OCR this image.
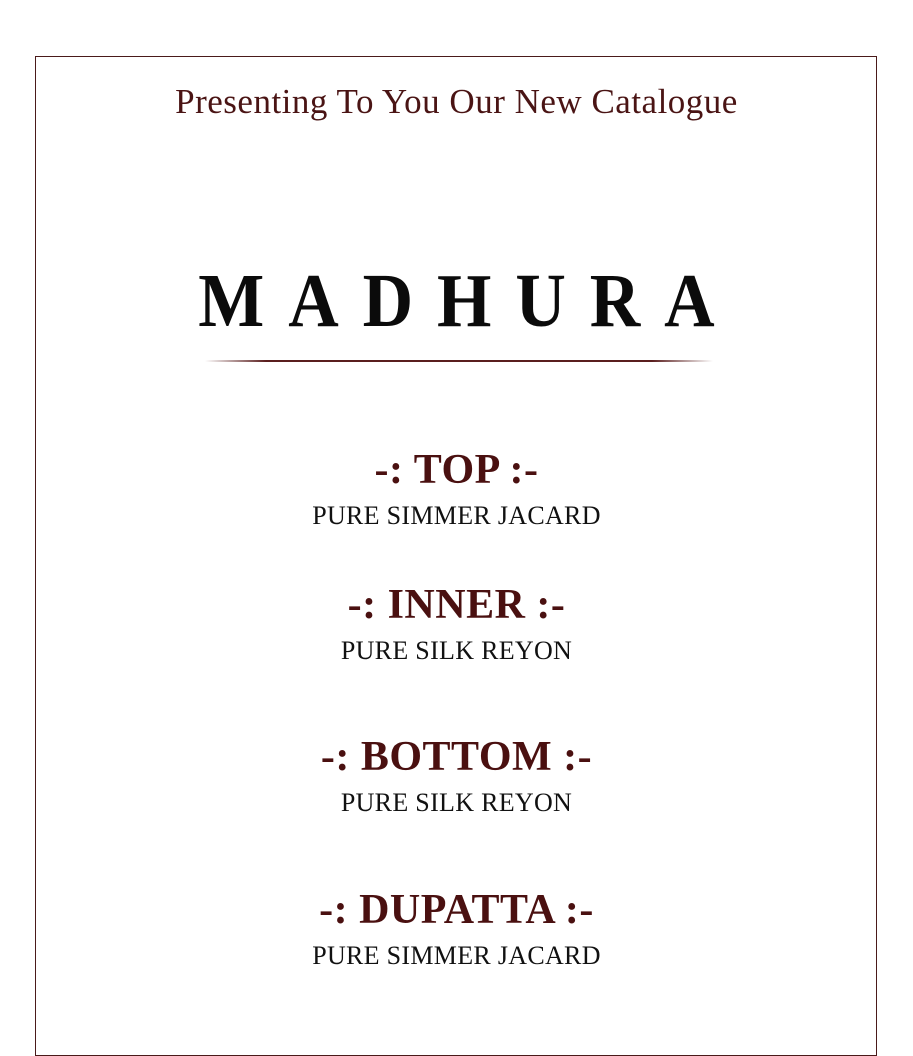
Presenting To You Our New Catalogue
MADHURA
-: TOP :-
PURE SIMMER JACARD
-: INNER :-
PURE SILK REYON
-: BOTTOM :-
PURE SILK REYON
-: DUPATTA :-
PURE SIMMER JACARD
